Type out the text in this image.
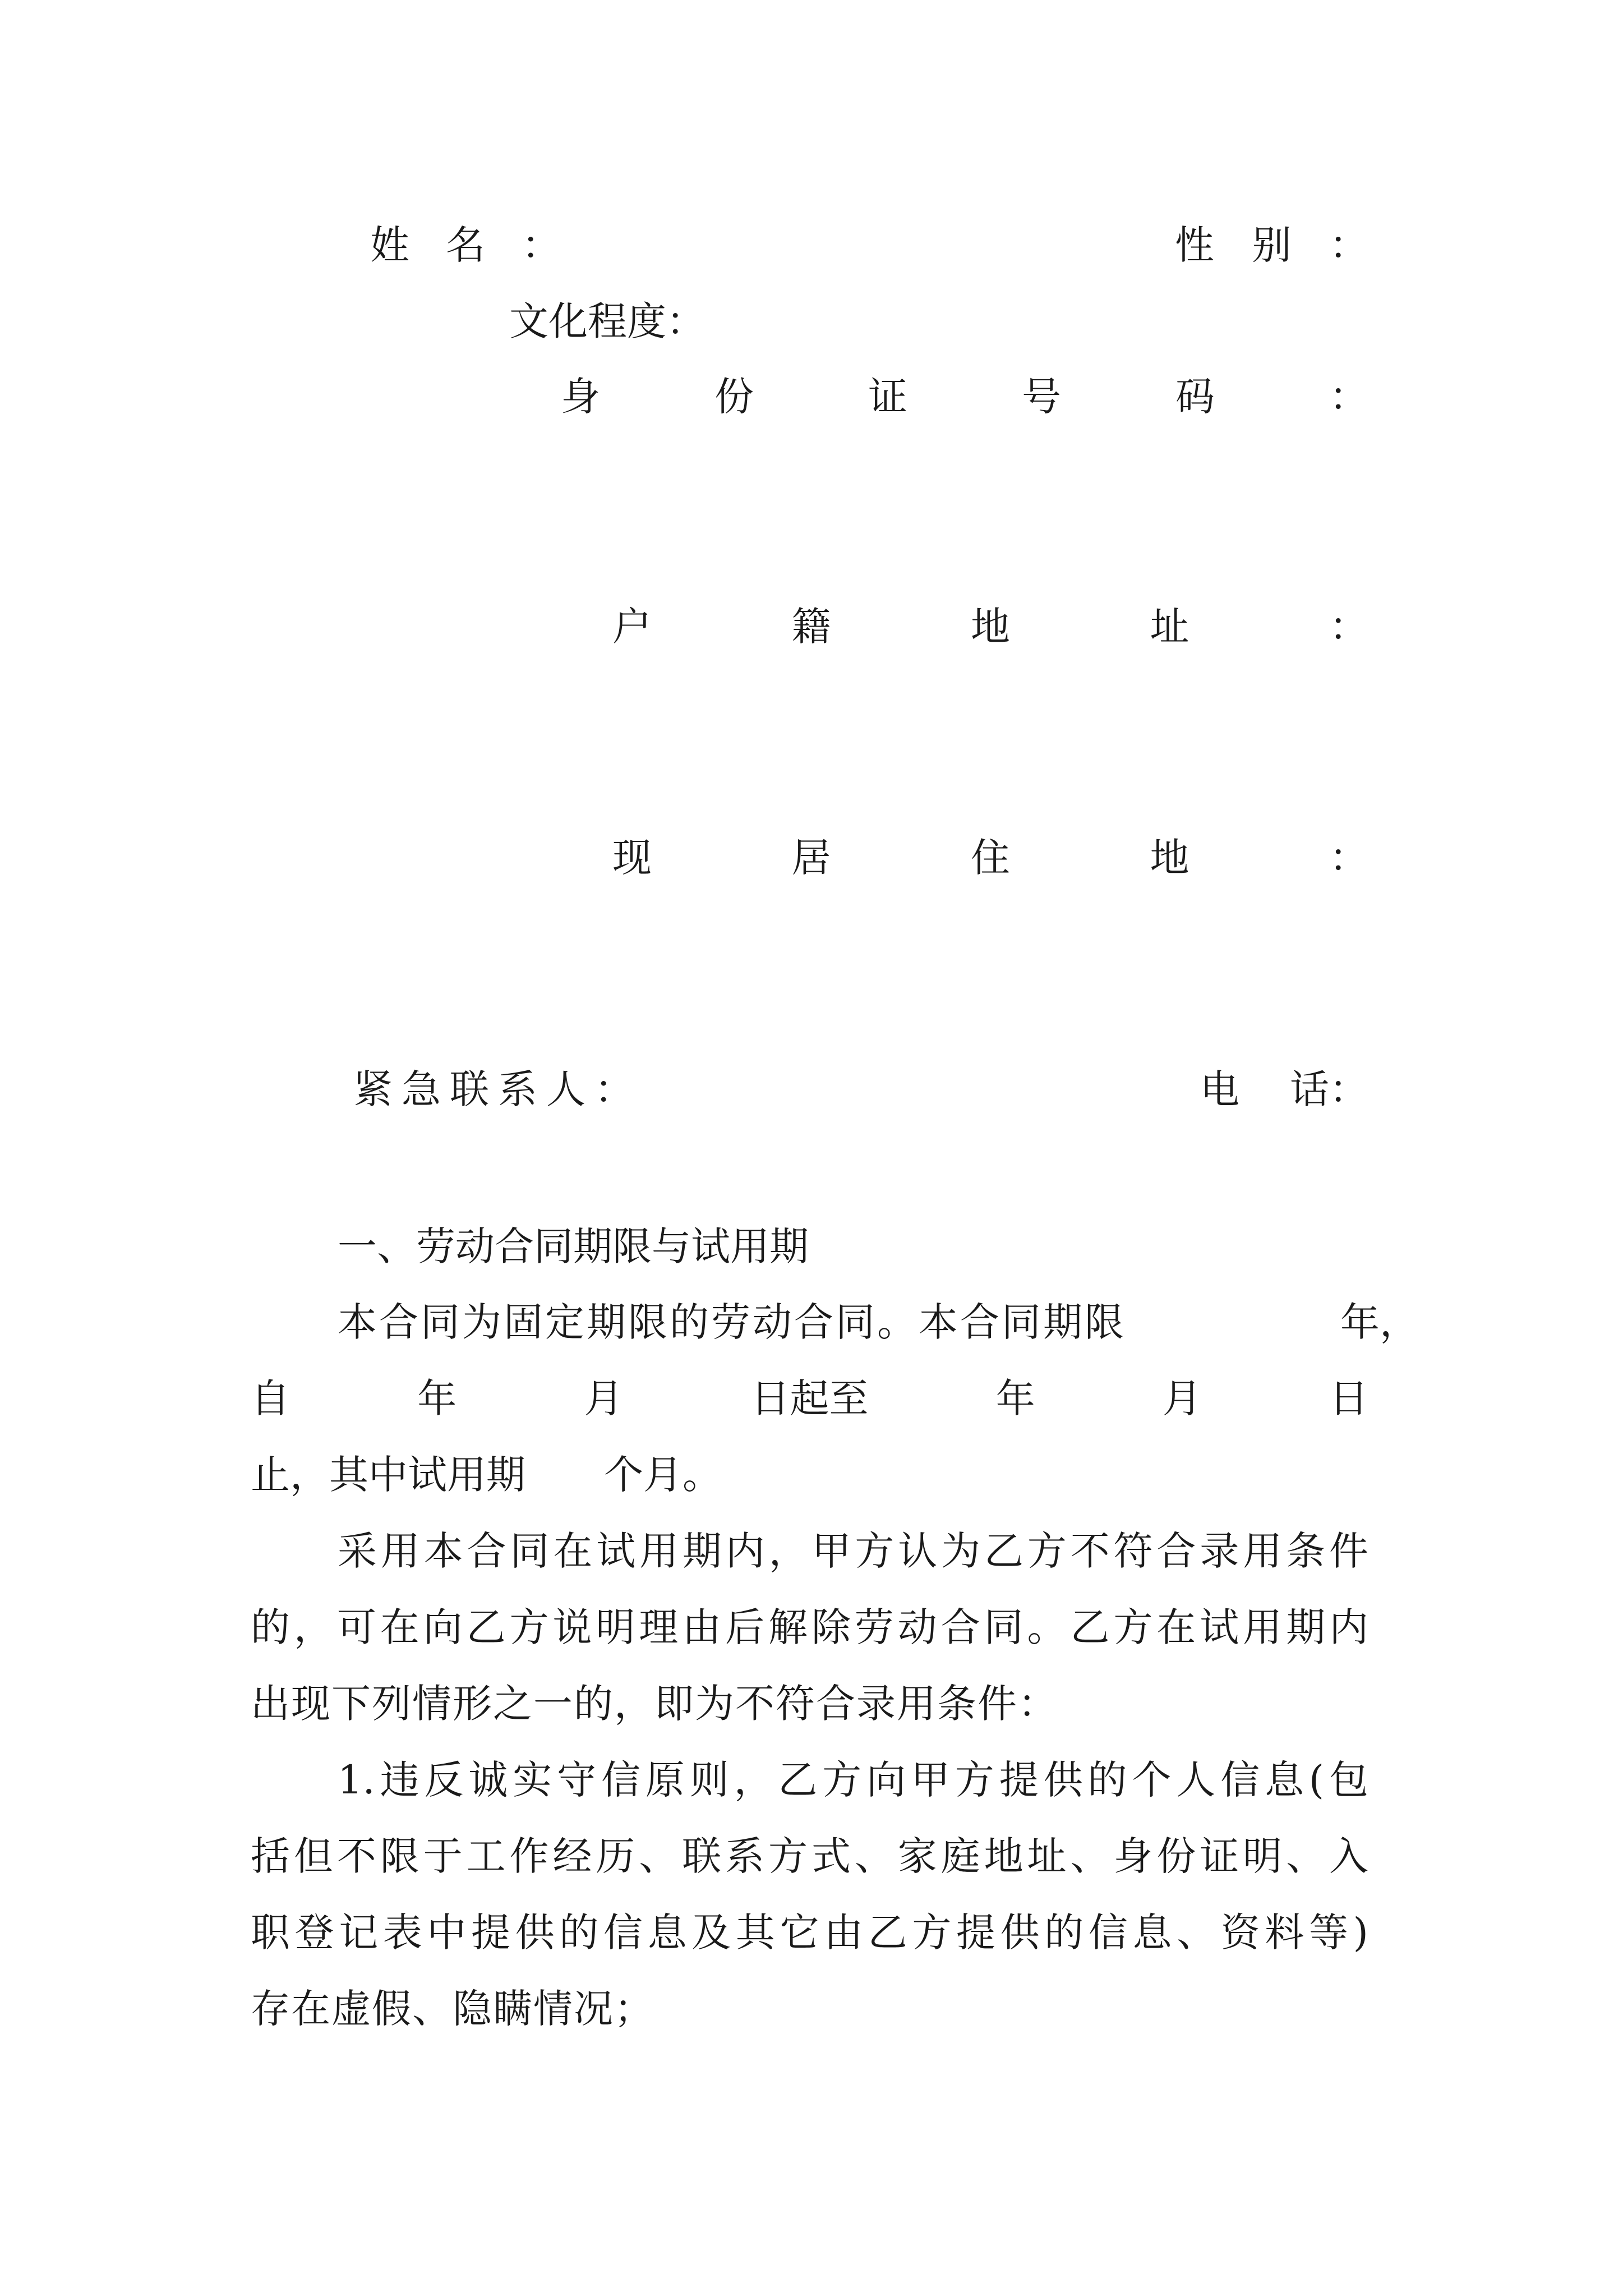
姓 名 ：	性 别 ：
文化程度：
身	份	证	号	码	：
户	籍	地	址	：
现	居	住	地	：
紧急联系人：	电 话：
一、劳动合同期限与试用期
本合同为固定期限的劳动合同。本合同期限	年，
自	年	月	日起至	年	月	日
止，其中试用期　　个月。
采用本合同在试用期内，甲方认为乙方不符合录用条件
的，可在向乙方说明理由后解除劳动合同。乙方在试用期内
出现下列情形之一的，即为不符合录用条件：
1.违反诚实守信原则，乙方向甲方提供的个人信息(包
括但不限于工作经历、联系方式、家庭地址、身份证明、入
职登记表中提供的信息及其它由乙方提供的信息、资料等)
存在虚假、隐瞒情况；
